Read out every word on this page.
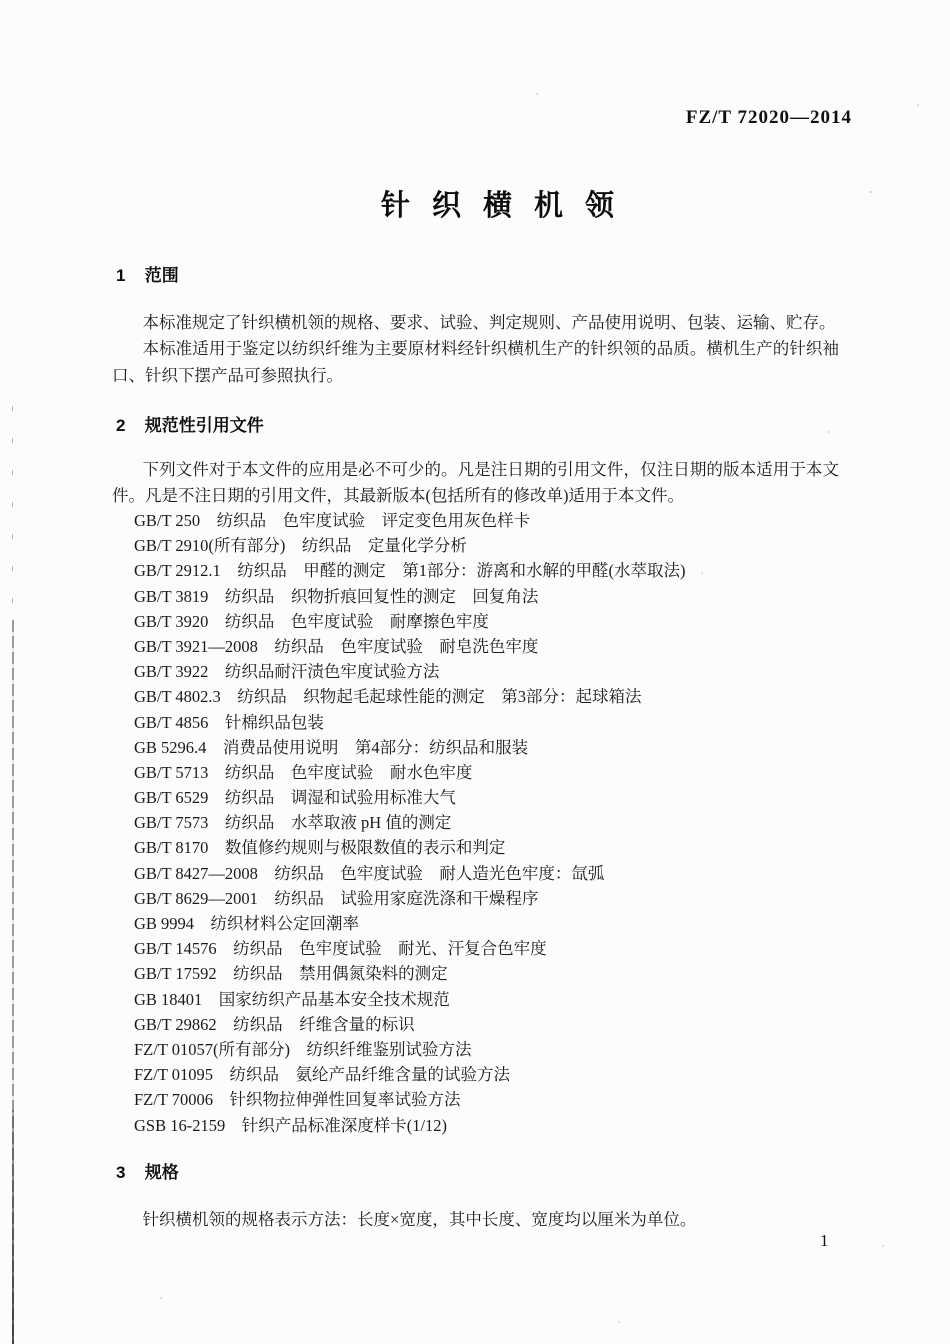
FZ/T 72020—2014
针织横机领
1 范围

本标准规定了针织横机领的规格、要求、试验、判定规则、产品使用说明、包装、运输、贮存。

本标准适用于鉴定以纺织纤维为主要原材料经针织横机生产的针织领的品质。横机生产的针织袖口、针织下摆产品可参照执行。

2 规范性引用文件

下列文件对于本文件的应用是必不可少的。凡是注日期的引用文件，仅注日期的版本适用于本文件。凡是不注日期的引用文件，其最新版本(包括所有的修改单)适用于本文件。

GB/T 250　纺织品　色牢度试验　评定变色用灰色样卡
GB/T 2910(所有部分)　纺织品　定量化学分析
GB/T 2912.1　纺织品　甲醛的测定　第1部分：游离和水解的甲醛(水萃取法)
GB/T 3819　纺织品　织物折痕回复性的测定　回复角法
GB/T 3920　纺织品　色牢度试验　耐摩擦色牢度
GB/T 3921—2008　纺织品　色牢度试验　耐皂洗色牢度
GB/T 3922　纺织品耐汗渍色牢度试验方法
GB/T 4802.3　纺织品　织物起毛起球性能的测定　第3部分：起球箱法
GB/T 4856　针棉织品包装
GB 5296.4　消费品使用说明　第4部分：纺织品和服装
GB/T 5713　纺织品　色牢度试验　耐水色牢度
GB/T 6529　纺织品　调湿和试验用标准大气
GB/T 7573　纺织品　水萃取液 pH 值的测定
GB/T 8170　数值修约规则与极限数值的表示和判定
GB/T 8427—2008　纺织品　色牢度试验　耐人造光色牢度：氙弧
GB/T 8629—2001　纺织品　试验用家庭洗涤和干燥程序
GB 9994　纺织材料公定回潮率
GB/T 14576　纺织品　色牢度试验　耐光、汗复合色牢度
GB/T 17592　纺织品　禁用偶氮染料的测定
GB 18401　国家纺织产品基本安全技术规范
GB/T 29862　纺织品　纤维含量的标识
FZ/T 01057(所有部分)　纺织纤维鉴别试验方法
FZ/T 01095　纺织品　氨纶产品纤维含量的试验方法
FZ/T 70006　针织物拉伸弹性回复率试验方法
GSB 16-2159　针织产品标准深度样卡(1/12)
3 规格

针织横机领的规格表示方法：长度×宽度，其中长度、宽度均以厘米为单位。

1
